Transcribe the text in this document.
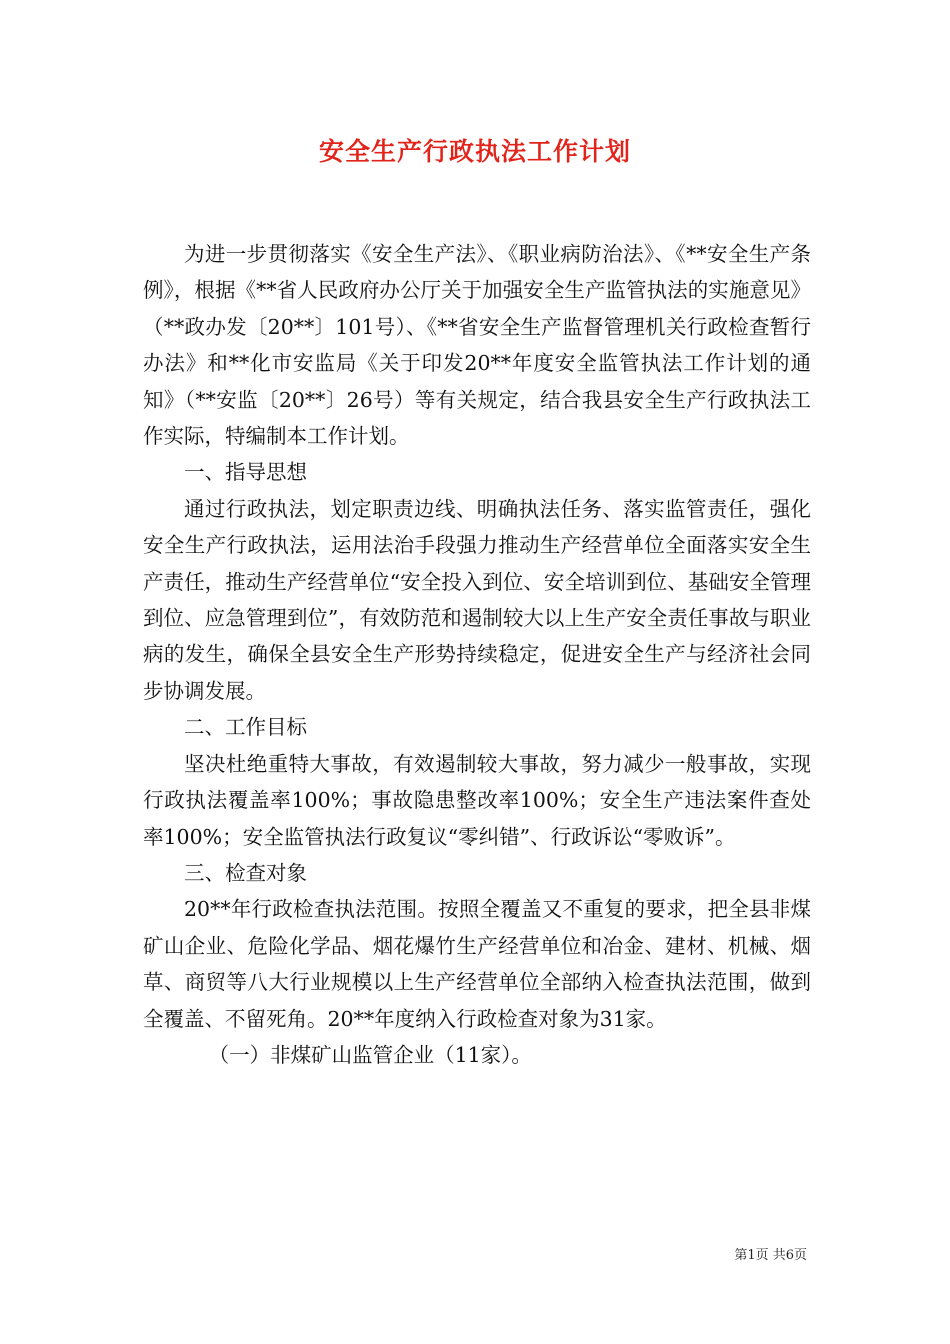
安全生产行政执法工作计划

为进一步贯彻落实《安全生产法》、《职业病防治法》、《**安全生产条例》，根据《**省人民政府办公厅关于加强安全生产监管执法的实施意见》（**政办发〔20**〕101号）、《**省安全生产监督管理机关行政检查暂行办法》和**化市安监局《关于印发20**年度安全监管执法工作计划的通知》（**安监〔20**〕26号）等有关规定，结合我县安全生产行政执法工作实际，特编制本工作计划。

一、指导思想

通过行政执法，划定职责边线、明确执法任务、落实监管责任，强化安全生产行政执法，运用法治手段强力推动生产经营单位全面落实安全生产责任，推动生产经营单位“安全投入到位、安全培训到位、基础安全管理到位、应急管理到位”，有效防范和遏制较大以上生产安全责任事故与职业病的发生，确保全县安全生产形势持续稳定，促进安全生产与经济社会同步协调发展。

二、工作目标

坚决杜绝重特大事故，有效遏制较大事故，努力减少一般事故，实现行政执法覆盖率100%；事故隐患整改率100%；安全生产违法案件查处率100%；安全监管执法行政复议“零纠错”、行政诉讼“零败诉”。

三、检查对象

20**年行政检查执法范围。按照全覆盖又不重复的要求，把全县非煤矿山企业、危险化学品、烟花爆竹生产经营单位和冶金、建材、机械、烟草、商贸等八大行业规模以上生产经营单位全部纳入检查执法范围，做到全覆盖、不留死角。20**年度纳入行政检查对象为31家。

（一）非煤矿山监管企业（11家）。

第1页 共6页
